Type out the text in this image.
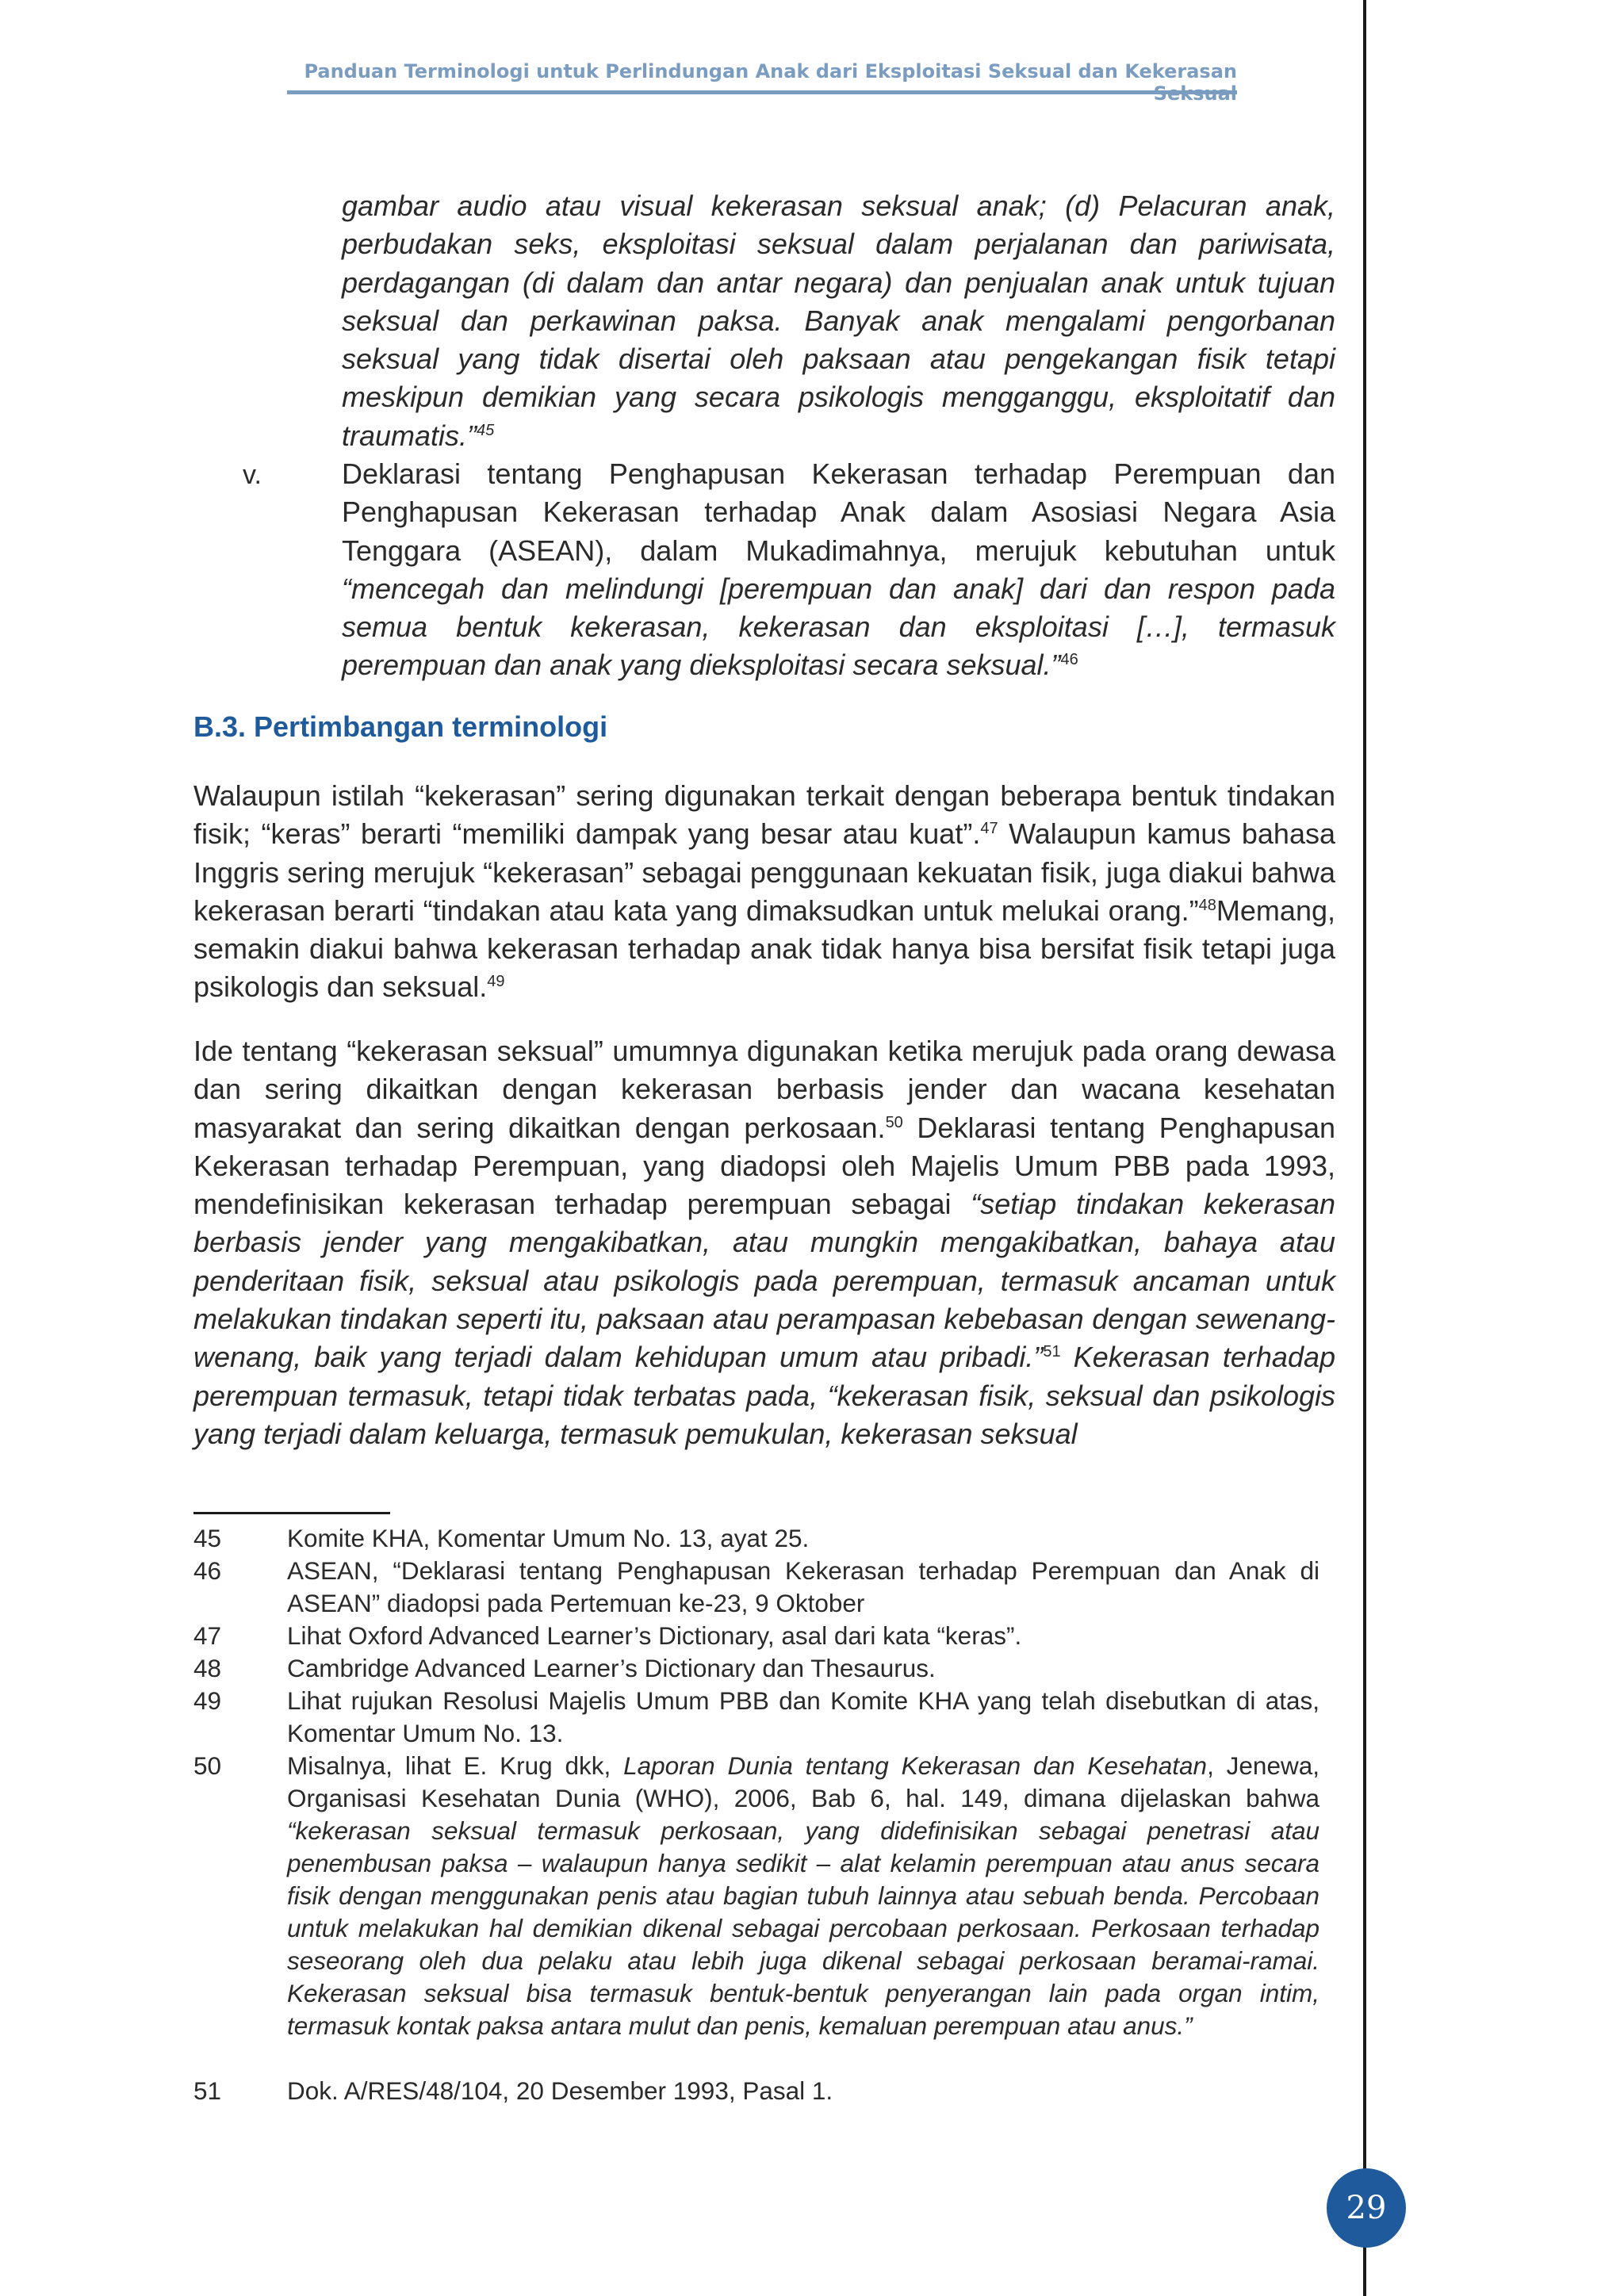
Panduan Terminologi untuk Perlindungan Anak dari Eksploitasi Seksual dan Kekerasan

gambar audio atau visual kekerasan seksual anak; (d) Pelacuran anak, perbudakan seks, eksploitasi seksual dalam perjalanan dan pariwisata, perdagangan (di dalam dan antar negara) dan penjualan anak untuk tujuan seksual dan perkawinan paksa. Banyak anak mengalami pengorbanan seksual yang tidak disertai oleh paksaan atau pengekangan fisik tetapi meskipun demikian yang secara psikologis mengganggu, eksploitatif dan traumatis.”$^{45}$

v.	Deklarasi tentang Penghapusan Kekerasan terhadap Perempuan dan Penghapusan Kekerasan terhadap Anak dalam Asosiasi Negara Asia Tenggara (ASEAN), dalam Mukadimahnya, merujuk kebutuhan untuk “mencegah dan melindungi [perempuan dan anak] dari dan respon pada semua bentuk kekerasan, kekerasan dan eksploitasi […], termasuk perempuan dan anak yang dieksploitasi secara seksual.”$^{46}$

B.3. Pertimbangan terminologi

Walaupun istilah “kekerasan” sering digunakan terkait dengan beberapa bentuk tindakan fisik; “keras” berarti “memiliki dampak yang besar atau kuat”.$^{47}$ Walaupun kamus bahasa Inggris sering merujuk “kekerasan” sebagai penggunaan kekuatan fisik, juga diakui bahwa kekerasan berarti “tindakan atau kata yang dimaksudkan untuk melukai orang.”$^{48}$Memang, semakin diakui bahwa kekerasan terhadap anak tidak hanya bisa bersifat fisik tetapi juga psikologis dan seksual.$^{49}$

Ide tentang “kekerasan seksual” umumnya digunakan ketika merujuk pada orang dewasa dan sering dikaitkan dengan kekerasan berbasis jender dan wacana kesehatan masyarakat dan sering dikaitkan dengan perkosaan.$^{50}$ Deklarasi tentang Penghapusan Kekerasan terhadap Perempuan, yang diadopsi oleh Majelis Umum PBB pada 1993, mendefinisikan kekerasan terhadap perempuan sebagai “setiap tindakan kekerasan berbasis jender yang mengakibatkan, atau mungkin mengakibatkan, bahaya atau penderitaan fisik, seksual atau psikologis pada perempuan, termasuk ancaman untuk melakukan tindakan seperti itu, paksaan atau perampasan kebebasan dengan sewenang-wenang, baik yang terjadi dalam kehidupan umum atau pribadi.”$^{51}$ Kekerasan terhadap perempuan termasuk, tetapi tidak terbatas pada, “kekerasan fisik, seksual dan psikologis yang terjadi dalam keluarga, termasuk pemukulan, kekerasan seksual

45	Komite KHA, Komentar Umum No. 13, ayat 25.
46	ASEAN, “Deklarasi tentang Penghapusan Kekerasan terhadap Perempuan dan Anak di ASEAN” diadopsi pada Pertemuan ke-23, 9 Oktober
47	Lihat Oxford Advanced Learner’s Dictionary, asal dari kata “keras”.
48	Cambridge Advanced Learner’s Dictionary dan Thesaurus.
49	Lihat rujukan Resolusi Majelis Umum PBB dan Komite KHA yang telah disebutkan di atas, Komentar Umum No. 13.
50	Misalnya, lihat E. Krug dkk, Laporan Dunia tentang Kekerasan dan Kesehatan, Jenewa, Organisasi Kesehatan Dunia (WHO), 2006, Bab 6, hal. 149, dimana dijelaskan bahwa “kekerasan seksual termasuk perkosaan, yang didefinisikan sebagai penetrasi atau penembusan paksa – walaupun hanya sedikit – alat kelamin perempuan atau anus secara fisik dengan menggunakan penis atau bagian tubuh lainnya atau sebuah benda. Percobaan untuk melakukan hal demikian dikenal sebagai percobaan perkosaan. Perkosaan terhadap seseorang oleh dua pelaku atau lebih juga dikenal sebagai perkosaan beramai-ramai. Kekerasan seksual bisa termasuk bentuk-bentuk penyerangan lain pada organ intim, termasuk kontak paksa antara mulut dan penis, kemaluan perempuan atau anus.”
51	Dok. A/RES/48/104, 20 Desember 1993, Pasal 1.
29
